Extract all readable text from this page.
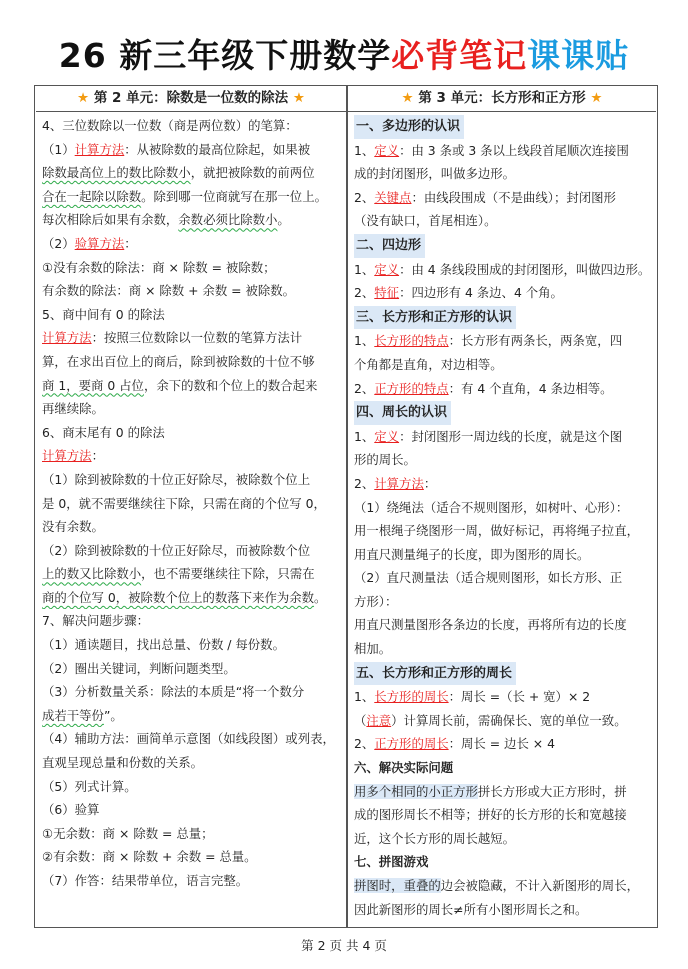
26 新三年级下册数学必背笔记课课贴
★ 第 2 单元：除数是一位数的除法 ★
4、三位数除以一位数（商是两位数）的笔算：
（1）计算方法：从被除数的最高位除起，如果被
除数最高位上的数比除数小，就把被除数的前两位
合在一起除以除数。除到哪一位商就写在那一位上。
每次相除后如果有余数，余数必须比除数小。
（2）验算方法：
①没有余数的除法：商 × 除数 = 被除数；
有余数的除法：商 × 除数 + 余数 = 被除数。
5、商中间有 0 的除法
计算方法：按照三位数除以一位数的笔算方法计
算，在求出百位上的商后，除到被除数的十位不够
商 1，要商 0 占位，余下的数和个位上的数合起来
再继续除。
6、商末尾有 0 的除法
计算方法：
（1）除到被除数的十位正好除尽，被除数个位上
是 0，就不需要继续往下除，只需在商的个位写 0，
没有余数。
（2）除到被除数的十位正好除尽，而被除数个位
上的数又比除数小，也不需要继续往下除，只需在
商的个位写 0，被除数个位上的数落下来作为余数。
7、解决问题步骤：
（1）通读题目，找出总量、份数 / 每份数。
（2）圈出关键词，判断问题类型。
（3）分析数量关系：除法的本质是“将一个数分
成若干等份”。
（4）辅助方法：画简单示意图（如线段图）或列表，
直观呈现总量和份数的关系。
（5）列式计算。
（6）验算
①无余数：商 × 除数 = 总量；
②有余数：商 × 除数 + 余数 = 总量。
（7）作答：结果带单位，语言完整。
★ 第 3 单元：长方形和正方形 ★
一、多边形的认识
1、定义：由 3 条或 3 条以上线段首尾顺次连接围
成的封闭图形，叫做多边形。
2、关键点：由线段围成（不是曲线）；封闭图形
（没有缺口，首尾相连）。
二、四边形
1、定义：由 4 条线段围成的封闭图形，叫做四边形。
2、特征：四边形有 4 条边、4 个角。
三、长方形和正方形的认识
1、长方形的特点：长方形有两条长，两条宽，四
个角都是直角，对边相等。
2、正方形的特点：有 4 个直角，4 条边相等。
四、周长的认识
1、定义：封闭图形一周边线的长度，就是这个图
形的周长。
2、计算方法：
（1）绕绳法（适合不规则图形，如树叶、心形）：
用一根绳子绕图形一周，做好标记，再将绳子拉直，
用直尺测量绳子的长度，即为图形的周长。
（2）直尺测量法（适合规则图形，如长方形、正
方形）：
用直尺测量图形各条边的长度，再将所有边的长度
相加。
五、长方形和正方形的周长
1、长方形的周长：周长 =（长 + 宽）× 2
（注意）计算周长前，需确保长、宽的单位一致。
2、正方形的周长：周长 = 边长 × 4
六、解决实际问题
用多个相同的小正方形拼长方形或大正方形时，拼
成的图形周长不相等；拼好的长方形的长和宽越接
近，这个长方形的周长越短。
七、拼图游戏
拼图时，重叠的边会被隐藏，不计入新图形的周长，
因此新图形的周长≠所有小图形周长之和。
第 2 页 共 4 页
